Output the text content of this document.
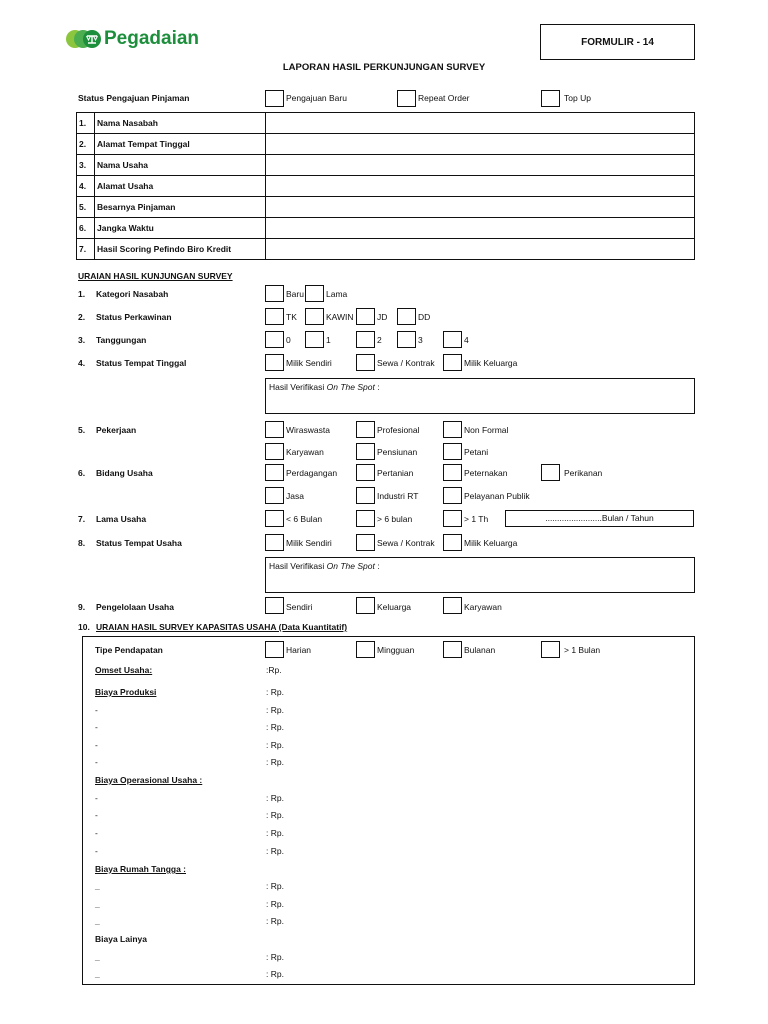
Pegadaian	FORMULIR - 14
LAPORAN HASIL PERKUNJUNGAN SURVEY
Status Pengajuan Pinjaman	Pengajuan Baru	Repeat Order	Top Up
1.	Nama Nasabah	
2.	Alamat Tempat Tinggal	
3.	Nama Usaha	
4.	Alamat Usaha	
5.	Besarnya Pinjaman	
6.	Jangka Waktu	
7.	Hasil Scoring Pefindo Biro Kredit	
URAIAN HASIL KUNJUNGAN SURVEY
1. Kategori Nasabah	Baru	Lama
2. Status Perkawinan	TK	KAWIN	JD	DD
3. Tanggungan	0	1	2	3	4
4. Status Tempat Tinggal	Milik Sendiri	Sewa / Kontrak	Milik Keluarga
Hasil Verifikasi On The Spot :
5. Pekerjaan	Wiraswasta	Profesional	Non Formal
Karyawan	Pensiunan	Petani
6. Bidang Usaha	Perdagangan	Pertanian	Peternakan	Perikanan
Jasa	Industri RT	Pelayanan Publik
7. Lama Usaha	< 6 Bulan	> 6 bulan	> 1 Th	........................Bulan / Tahun
8. Status Tempat Usaha	Milik Sendiri	Sewa / Kontrak	Milik Keluarga
Hasil Verifikasi On The Spot :
9. Pengelolaan Usaha	Sendiri	Keluarga	Karyawan
10. URAIAN HASIL SURVEY KAPASITAS USAHA (Data Kuantitatif)
Tipe Pendapatan	Harian	Mingguan	Bulanan	> 1 Bulan
Omset Usaha:	:Rp.
Biaya Produksi	: Rp.
-	: Rp.
-	: Rp.
-	: Rp.
-	: Rp.
Biaya Operasional Usaha :
-	: Rp.
-	: Rp.
-	: Rp.
-	: Rp.
Biaya Rumah Tangga :
_	: Rp.
_	: Rp.
_	: Rp.
Biaya Lainya
_	: Rp.
_	: Rp.
